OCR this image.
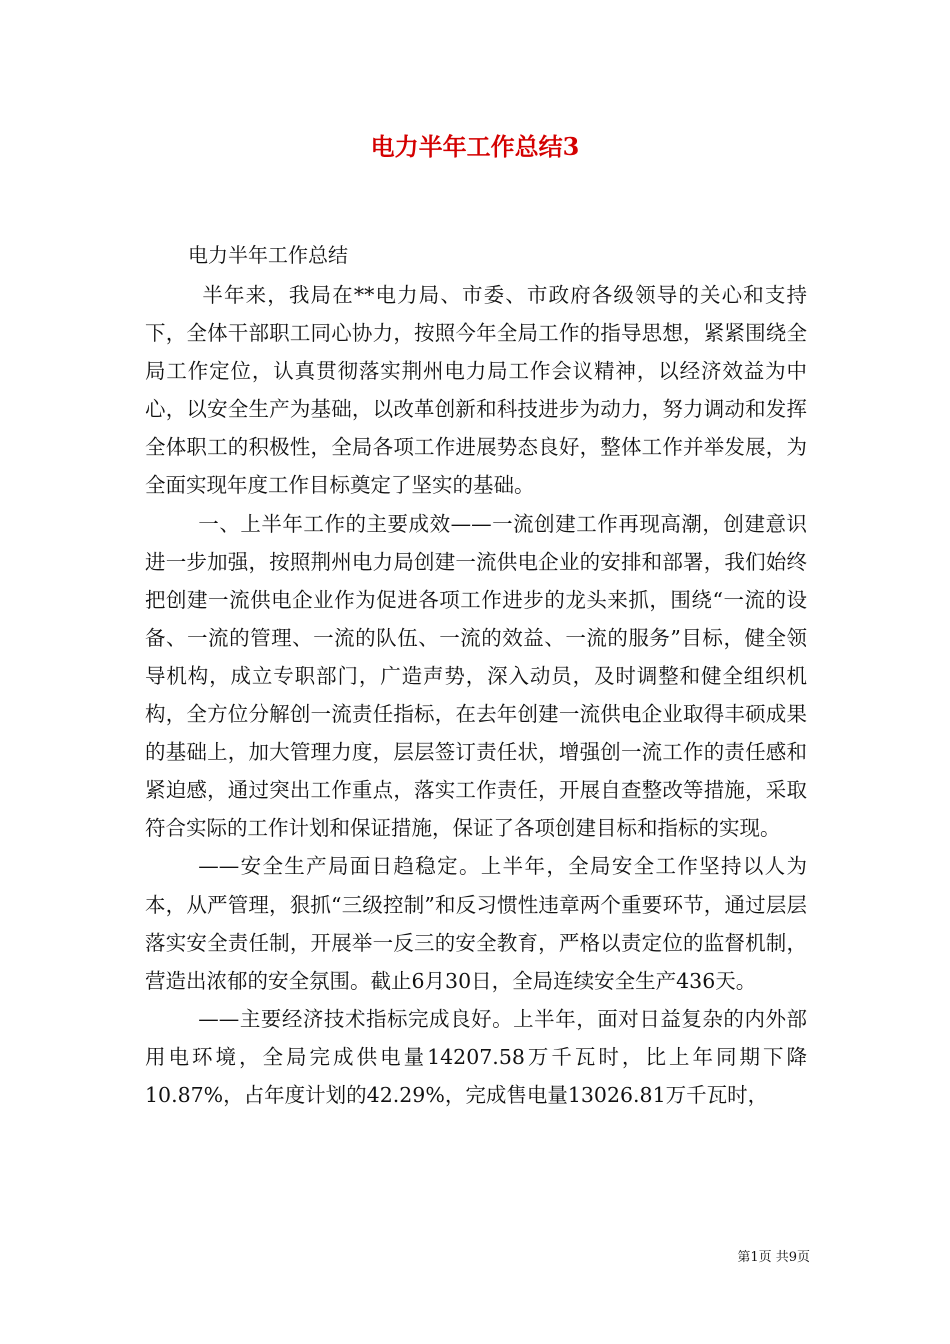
电力半年工作总结3
电力半年工作总结

半年来，我局在**电力局、市委、市政府各级领导的关心和支持下，全体干部职工同心协力，按照今年全局工作的指导思想，紧紧围绕全局工作定位，认真贯彻落实荆州电力局工作会议精神，以经济效益为中心，以安全生产为基础，以改革创新和科技进步为动力，努力调动和发挥全体职工的积极性，全局各项工作进展势态良好，整体工作并举发展，为全面实现年度工作目标奠定了坚实的基础。

一、上半年工作的主要成效——一流创建工作再现高潮，创建意识进一步加强，按照荆州电力局创建一流供电企业的安排和部署，我们始终把创建一流供电企业作为促进各项工作进步的龙头来抓，围绕“一流的设备、一流的管理、一流的队伍、一流的效益、一流的服务”目标，健全领导机构，成立专职部门，广造声势，深入动员，及时调整和健全组织机构，全方位分解创一流责任指标，在去年创建一流供电企业取得丰硕成果的基础上，加大管理力度，层层签订责任状，增强创一流工作的责任感和紧迫感，通过突出工作重点，落实工作责任，开展自查整改等措施，采取符合实际的工作计划和保证措施，保证了各项创建目标和指标的实现。

——安全生产局面日趋稳定。上半年，全局安全工作坚持以人为本，从严管理，狠抓“三级控制”和反习惯性违章两个重要环节，通过层层落实安全责任制，开展举一反三的安全教育，严格以责定位的监督机制，营造出浓郁的安全氛围。截止6月30日，全局连续安全生产436天。

——主要经济技术指标完成良好。上半年，面对日益复杂的内外部用电环境，全局完成供电量14207.58万千瓦时，比上年同期下降10.87%，占年度计划的42.29%，完成售电量13026.81万千瓦时，

第1页 共9页
